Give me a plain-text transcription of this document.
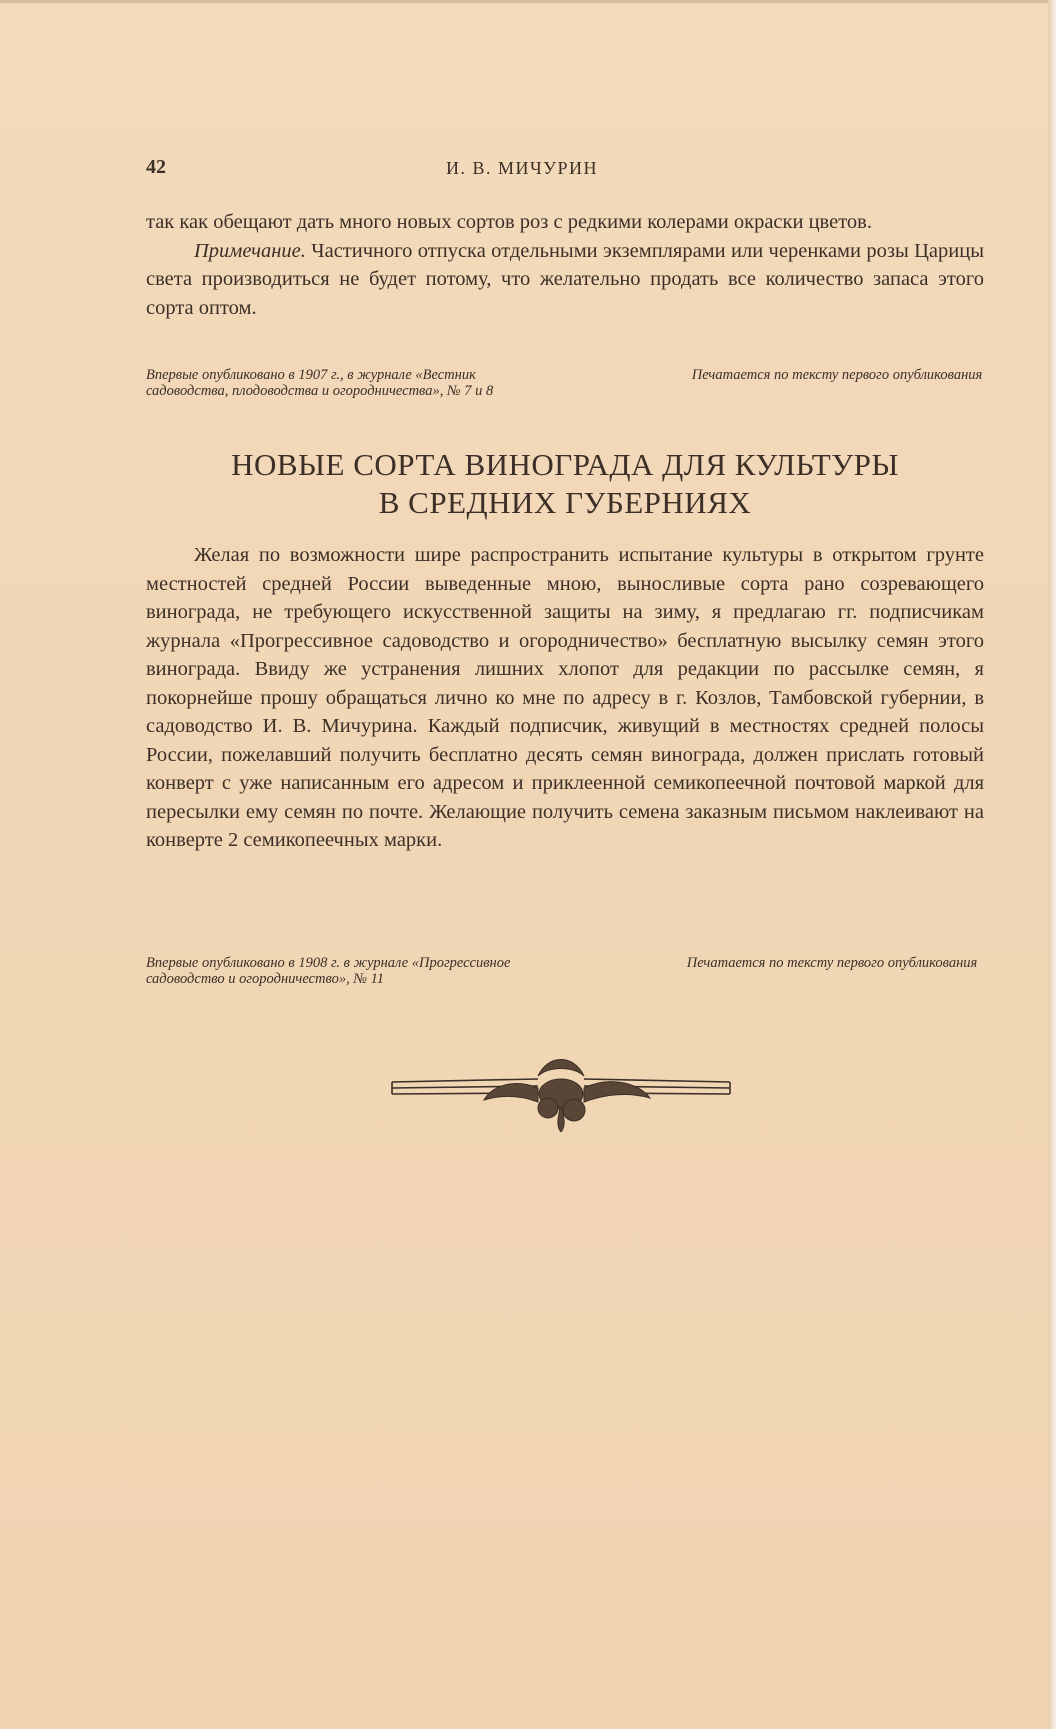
42	И. В. МИЧУРИН

так как обещают дать много новых сортов роз с редкими колерами окраски цветов.

Примечание. Частичного отпуска отдельными экземплярами или черенками розы Царицы света производиться не будет потому, что желательно продать все количество запаса этого сорта оптом.

Впервые опубликовано в 1907 г., в журнале «Вестник садоводства, плодоводства и огородничества», № 7 и 8
Печатается по тексту первого опубликования
НОВЫЕ СОРТА ВИНОГРАДА ДЛЯ КУЛЬТУРЫ
В СРЕДНИХ ГУБЕРНИЯХ
Желая по возможности шире распространить испытание культуры в открытом грунте местностей средней России выведенные мною, выносливые сорта рано созревающего винограда, не требующего искусственной защиты на зиму, я предлагаю гг. подписчикам журнала «Прогрессивное садоводство и огородничество» бесплатную высылку семян этого винограда. Ввиду же устранения лишних хлопот для редакции по рассылке семян, я покорнейше прошу обращаться лично ко мне по адресу в г. Козлов, Тамбовской губернии, в садоводство И. В. Мичурина. Каждый подписчик, живущий в местностях средней полосы России, пожелавший получить бесплатно десять семян винограда, должен прислать готовый конверт с уже написанным его адресом и приклеенной семикопеечной почтовой маркой для пересылки ему семян по почте. Желающие получить семена заказным письмом наклеивают на конверте 2 семикопеечных марки.
Впервые опубликовано в 1908 г. в журнале «Прогрессивное садоводство и огородничество», № 11
Печатается по тексту первого опубликования
